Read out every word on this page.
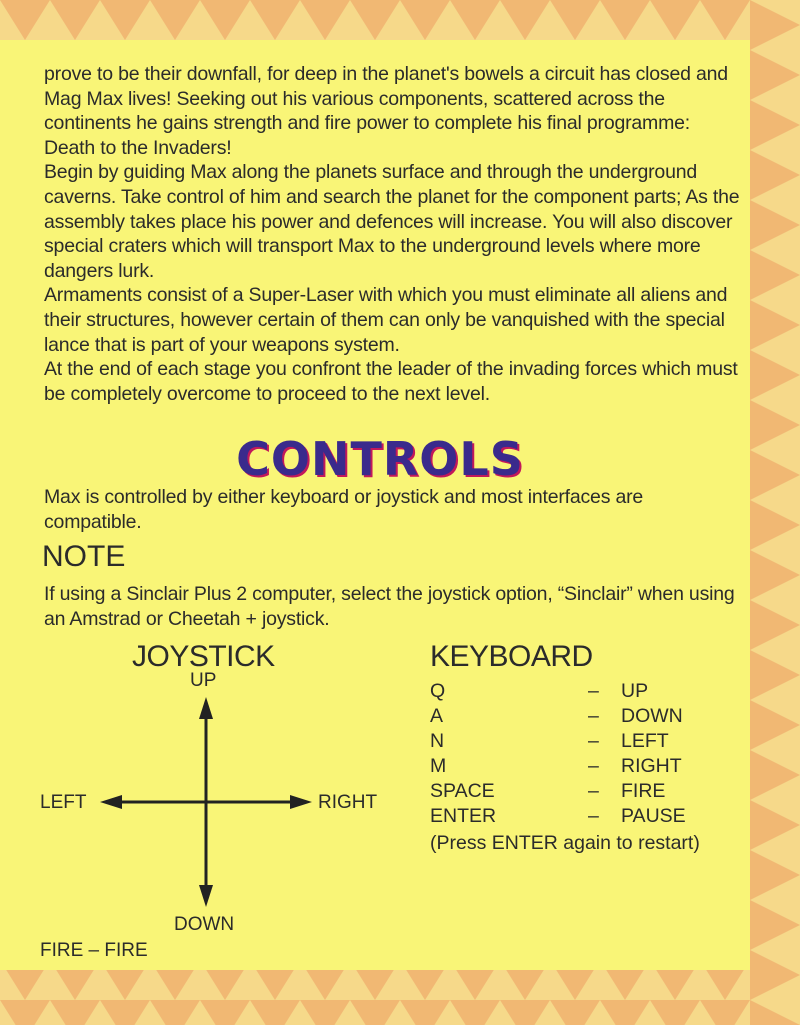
prove to be their downfall, for deep in the planet's bowels a circuit has closed and Mag Max lives! Seeking out his various components, scattered across the continents he gains strength and fire power to complete his final programme: Death to the Invaders!

Begin by guiding Max along the planets surface and through the underground caverns. Take control of him and search the planet for the component parts; As the assembly takes place his power and defences will increase. You will also discover special craters which will transport Max to the underground levels where more dangers lurk.

Armaments consist of a Super-Laser with which you must eliminate all aliens and their structures, however certain of them can only be vanquished with the special lance that is part of your weapons system.

At the end of each stage you confront the leader of the invading forces which must be completely overcome to proceed to the next level.

CONTROLS
Max is controlled by either keyboard or joystick and most interfaces are compatible.
NOTE
If using a Sinclair Plus 2 computer, select the joystick option, “Sinclair” when using an Amstrad or Cheetah + joystick.
JOYSTICK
UP
LEFT	RIGHT
DOWN
FIRE – FIRE
KEYBOARD
Q	– UP
A	– DOWN
N	– LEFT
M	– RIGHT
SPACE	– FIRE
ENTER	– PAUSE
(Press ENTER again to restart)
